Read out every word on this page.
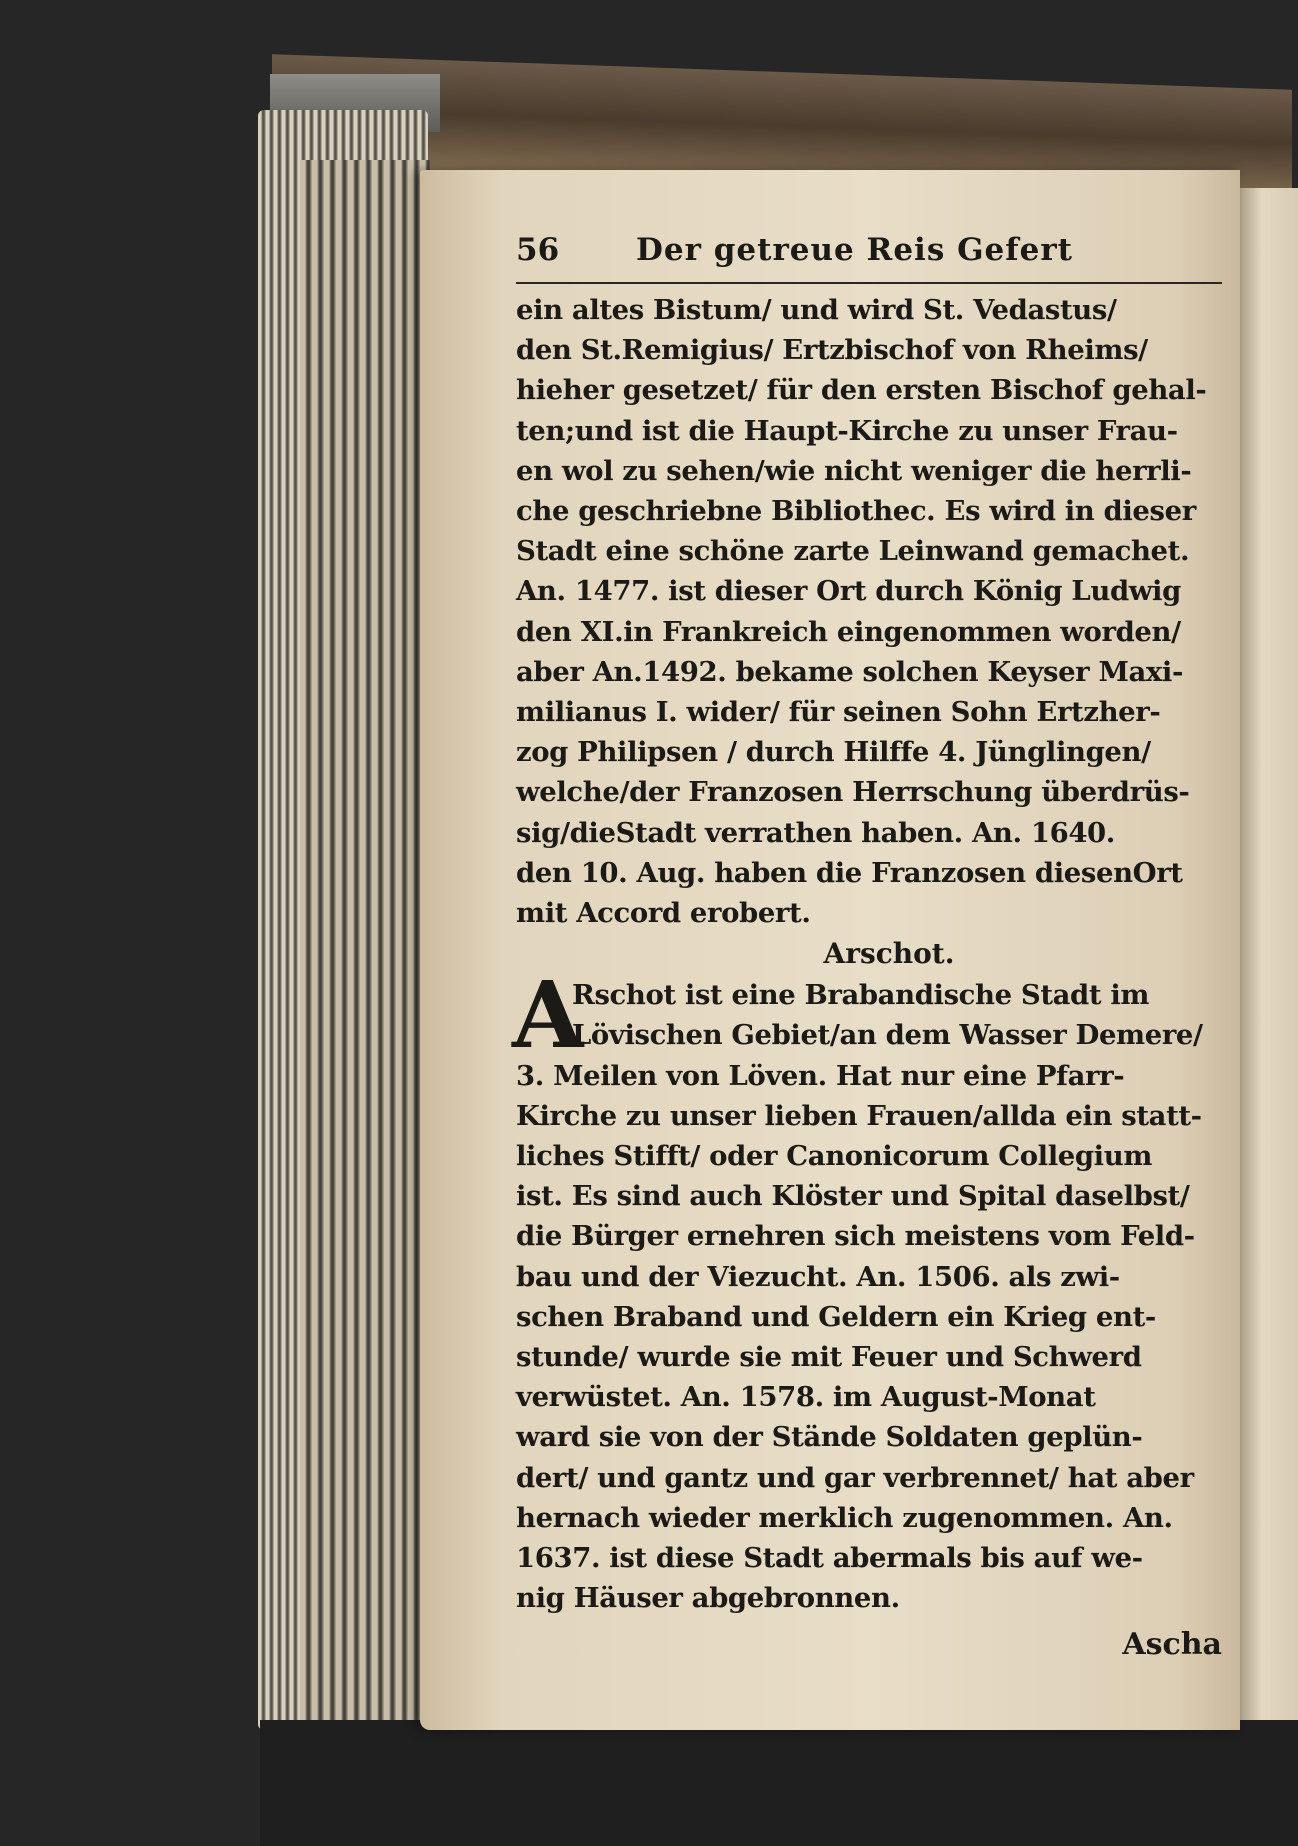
56	Der getreue Reis Gefert
ein altes Bistum/ und wird St. Vedastus/
den St.Remigius/ Ertzbischof von Rheims/
hieher gesetzet/ für den ersten Bischof gehal-
ten;und ist die Haupt-Kirche zu unser Frau-
en wol zu sehen/wie nicht weniger die herrli-
che geschriebne Bibliothec. Es wird in dieser
Stadt eine schöne zarte Leinwand gemachet.
An. 1477. ist dieser Ort durch König Ludwig
den XI.in Frankreich eingenommen worden/
aber An.1492. bekame solchen Keyser Maxi-
milianus I. wider/ für seinen Sohn Ertzher-
zog Philipsen / durch Hilffe 4. Jünglingen/
welche/der Franzosen Herrschung überdrüs-
sig/dieStadt verrathen haben. An. 1640.
den 10. Aug. haben die Franzosen diesenOrt
mit Accord erobert.
Arschot.
A
Rschot ist eine Brabandische Stadt im
Lövischen Gebiet/an dem Wasser Demere/
3. Meilen von Löven. Hat nur eine Pfarr-
Kirche zu unser lieben Frauen/allda ein statt-
liches Stifft/ oder Canonicorum Collegium
ist. Es sind auch Klöster und Spital daselbst/
die Bürger ernehren sich meistens vom Feld-
bau und der Viezucht. An. 1506. als zwi-
schen Braband und Geldern ein Krieg ent-
stunde/ wurde sie mit Feuer und Schwerd
verwüstet. An. 1578. im August-Monat
ward sie von der Stände Soldaten geplün-
dert/ und gantz und gar verbrennet/ hat aber
hernach wieder merklich zugenommen. An.
1637. ist diese Stadt abermals bis auf we-
nig Häuser abgebronnen.
Ascha
